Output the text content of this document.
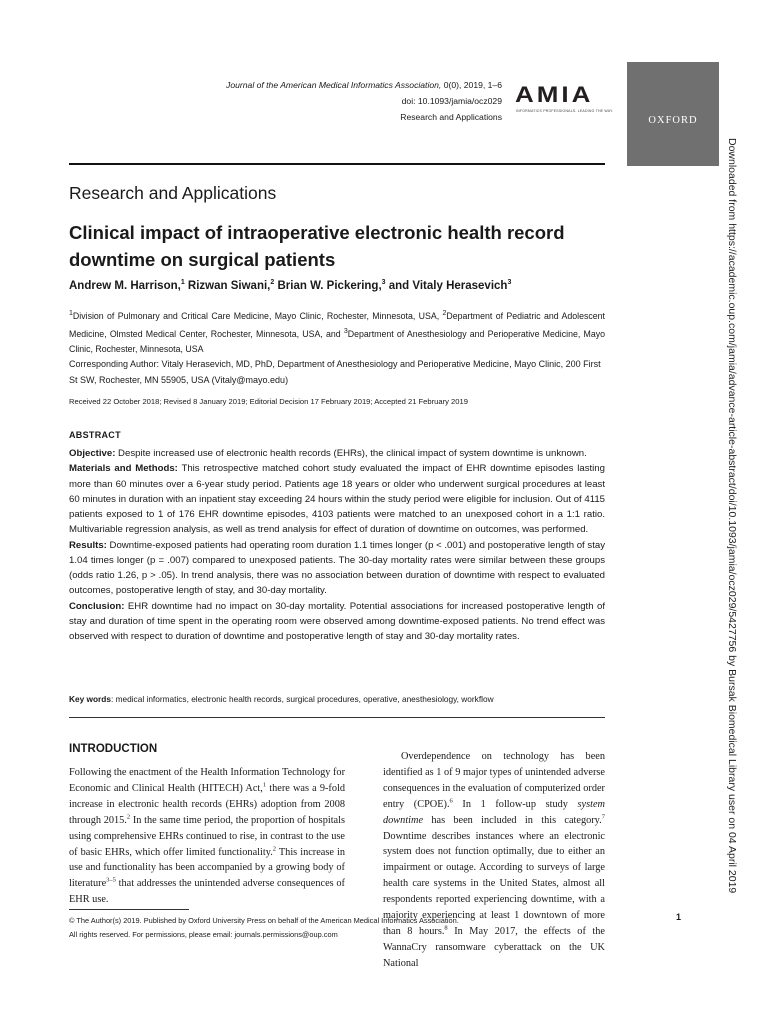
Journal of the American Medical Informatics Association, 0(0), 2019, 1–6
doi: 10.1093/jamia/ocz029
Research and Applications
AMIA
INFORMATICS PROFESSIONALS. LEADING THE WAY.
OXFORD
Downloaded from https://academic.oup.com/jamia/advance-article-abstract/doi/10.1093/jamia/ocz029/5427756 by Bursak Biomedical Library user on 04 April 2019
Research and Applications
Clinical impact of intraoperative electronic health record downtime on surgical patients
Andrew M. Harrison,$^1$ Rizwan Siwani,$^2$ Brian W. Pickering,$^3$ and Vitaly Herasevich$^3$
$^1$Division of Pulmonary and Critical Care Medicine, Mayo Clinic, Rochester, Minnesota, USA, $^2$Department of Pediatric and Adolescent Medicine, Olmsted Medical Center, Rochester, Minnesota, USA, and $^3$Department of Anesthesiology and Perioperative Medicine, Mayo Clinic, Rochester, Minnesota, USA
Corresponding Author: Vitaly Herasevich, MD, PhD, Department of Anesthesiology and Perioperative Medicine, Mayo Clinic, 200 First St SW, Rochester, MN 55905, USA (Vitaly@mayo.edu)
Received 22 October 2018; Revised 8 January 2019; Editorial Decision 17 February 2019; Accepted 21 February 2019
ABSTRACT

Objective: Despite increased use of electronic health records (EHRs), the clinical impact of system downtime is unknown.

Materials and Methods: This retrospective matched cohort study evaluated the impact of EHR downtime episodes lasting more than 60 minutes over a 6-year study period. Patients age 18 years or older who underwent surgical procedures at least 60 minutes in duration with an inpatient stay exceeding 24 hours within the study period were eligible for inclusion. Out of 4115 patients exposed to 1 of 176 EHR downtime episodes, 4103 patients were matched to an unexposed cohort in a 1:1 ratio. Multivariable regression analysis, as well as trend analysis for effect of duration of downtime on outcomes, was performed.

Results: Downtime-exposed patients had operating room duration 1.1 times longer (p < .001) and postoperative length of stay 1.04 times longer (p = .007) compared to unexposed patients. The 30-day mortality rates were similar between these groups (odds ratio 1.26, p > .05). In trend analysis, there was no association between duration of downtime with respect to evaluated outcomes, postoperative length of stay, and 30-day mortality.

Conclusion: EHR downtime had no impact on 30-day mortality. Potential associations for increased postoperative length of stay and duration of time spent in the operating room were observed among downtime-exposed patients. No trend effect was observed with respect to duration of downtime and postoperative length of stay and 30-day mortality rates.

Key words: medical informatics, electronic health records, surgical procedures, operative, anesthesiology, workflow
INTRODUCTION

Following the enactment of the Health Information Technology for Economic and Clinical Health (HITECH) Act,$^1$ there was a 9-fold increase in electronic health records (EHRs) adoption from 2008 through 2015.$^2$ In the same time period, the proportion of hospitals using comprehensive EHRs continued to rise, in contrast to the use of basic EHRs, which offer limited functionality.$^2$ This increase in use and functionality has been accompanied by a growing body of literature$^{3-5}$ that addresses the unintended adverse consequences of EHR use.

Overdependence on technology has been identified as 1 of 9 major types of unintended adverse consequences in the evaluation of computerized order entry (CPOE).$^6$ In 1 follow-up study system downtime has been included in this category.$^7$ Downtime describes instances where an electronic system does not function optimally, due to either an impairment or outage. According to surveys of large health care systems in the United States, almost all respondents reported experiencing downtime, with a majority experiencing at least 1 downtown of more than 8 hours.$^8$ In May 2017, the effects of the WannaCry ransomware cyberattack on the UK National

© The Author(s) 2019. Published by Oxford University Press on behalf of the American Medical Informatics Association.
All rights reserved. For permissions, please email: journals.permissions@oup.com
1
